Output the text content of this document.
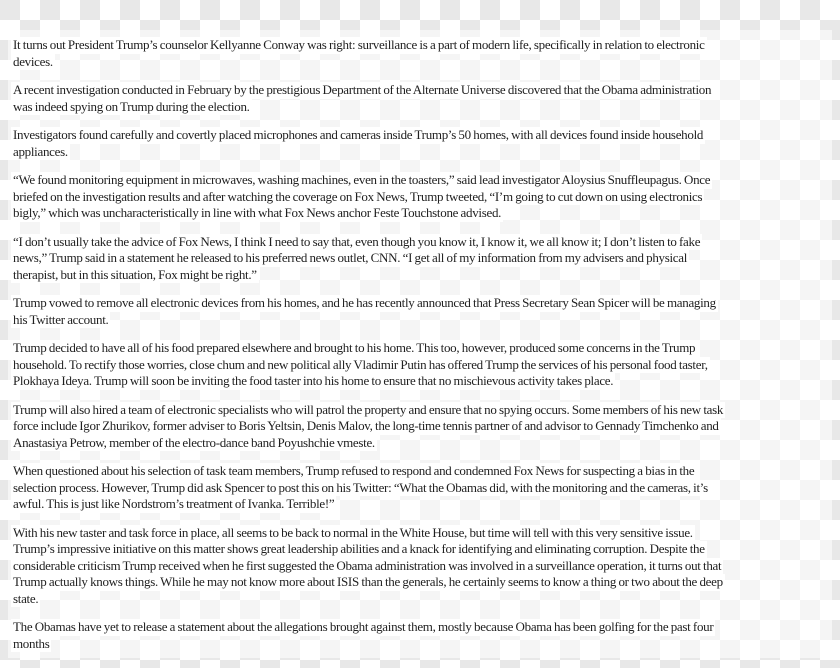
It turns out President Trump’s counselor Kellyanne Conway was right: surveillance is a part of modern life, specifically in relation to electronic
devices.
A recent investigation conducted in February by the prestigious Department of the Alternate Universe discovered that the Obama administration
was indeed spying on Trump during the election.
Investigators found carefully and covertly placed microphones and cameras inside Trump’s 50 homes, with all devices found inside household
appliances.
“We found monitoring equipment in microwaves, washing machines, even in the toasters,” said lead investigator Aloysius Snuffleupagus. Once
briefed on the investigation results and after watching the coverage on Fox News, Trump tweeted, “I’m going to cut down on using electronics
bigly,” which was uncharacteristically in line with what Fox News anchor Feste Touchstone advised.
“I don’t usually take the advice of Fox News, I think I need to say that, even though you know it, I know it, we all know it; I don’t listen to fake
news,” Trump said in a statement he released to his preferred news outlet, CNN. “I get all of my information from my advisers and physical
therapist, but in this situation, Fox might be right.”
Trump vowed to remove all electronic devices from his homes, and he has recently announced that Press Secretary Sean Spicer will be managing
his Twitter account.
Trump decided to have all of his food prepared elsewhere and brought to his home. This too, however, produced some concerns in the Trump
household. To rectify those worries, close chum and new political ally Vladimir Putin has offered Trump the services of his personal food taster,
Plokhaya Ideya. Trump will soon be inviting the food taster into his home to ensure that no mischievous activity takes place.
Trump will also hired a team of electronic specialists who will patrol the property and ensure that no spying occurs. Some members of his new task
force include Igor Zhurikov, former adviser to Boris Yeltsin, Denis Malov, the long-time tennis partner of and advisor to Gennady Timchenko and
Anastasiya Petrow, member of the electro-dance band Poyushchie vmeste.
When questioned about his selection of task team members, Trump refused to respond and condemned Fox News for suspecting a bias in the
selection process. However, Trump did ask Spencer to post this on his Twitter: “What the Obamas did, with the monitoring and the cameras, it’s
awful. This is just like Nordstrom’s treatment of Ivanka. Terrible!”
With his new taster and task force in place, all seems to be back to normal in the White House, but time will tell with this very sensitive issue.
Trump’s impressive initiative on this matter shows great leadership abilities and a knack for identifying and eliminating corruption. Despite the
considerable criticism Trump received when he first suggested the Obama administration was involved in a surveillance operation, it turns out that
Trump actually knows things. While he may not know more about ISIS than the generals, he certainly seems to know a thing or two about the deep
state.
The Obamas have yet to release a statement about the allegations brought against them, mostly because Obama has been golfing for the past four
months
